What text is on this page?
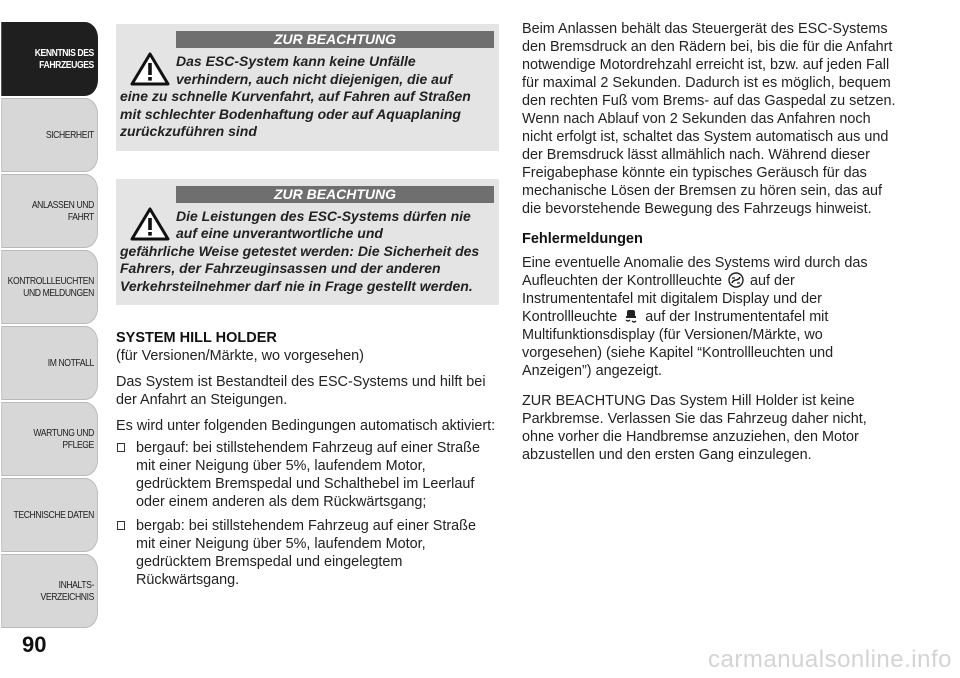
KENNTNIS DES
FAHRZEUGES
SICHERHEIT
ANLASSEN UND
FAHRT
KONTROLLLEUCHTEN
UND MELDUNGEN
IM NOTFALL
WARTUNG UND
PFLEGE
TECHNISCHE DATEN
INHALTS-
VERZEICHNIS
90
ZUR BEACHTUNG
Das ESC-System kann keine Unfälle verhindern, auch nicht diejenigen, die auf
eine zu schnelle Kurvenfahrt, auf Fahren auf Straßen mit schlechter Bodenhaftung oder auf Aquaplaning zurückzuführen sind
ZUR BEACHTUNG
Die Leistungen des ESC-Systems dürfen nie auf eine unverantwortliche und
gefährliche Weise getestet werden: Die Sicherheit des Fahrers, der Fahrzeuginsassen und der anderen Verkehrsteilnehmer darf nie in Frage gestellt werden.
SYSTEM HILL HOLDER

(für Versionen/Märkte, wo vorgesehen)

Das System ist Bestandteil des ESC-Systems und hilft bei der Anfahrt an Steigungen.

Es wird unter folgenden Bedingungen automatisch aktiviert:

bergauf: bei stillstehendem Fahrzeug auf einer Straße mit einer Neigung über 5%, laufendem Motor, gedrücktem Bremspedal und Schalthebel im Leerlauf oder einem anderen als dem Rückwärtsgang;
bergab: bei stillstehendem Fahrzeug auf einer Straße mit einer Neigung über 5%, laufendem Motor, gedrücktem Bremspedal und eingelegtem Rückwärtsgang.

Beim Anlassen behält das Steuergerät des ESC-Systems den Bremsdruck an den Rädern bei, bis die für die Anfahrt notwendige Motordrehzahl erreicht ist, bzw. auf jeden Fall für maximal 2 Sekunden. Dadurch ist es möglich, bequem den rechten Fuß vom Brems- auf das Gaspedal zu setzen. Wenn nach Ablauf von 2 Sekunden das Anfahren noch nicht erfolgt ist, schaltet das System automatisch aus und der Bremsdruck lässt allmählich nach. Während dieser Freigabephase könnte ein typisches Geräusch für das mechanische Lösen der Bremsen zu hören sein, das auf die bevorstehende Bewegung des Fahrzeugs hinweist.

Fehlermeldungen

Eine eventuelle Anomalie des Systems wird durch das Aufleuchten der Kontrollleuchte auf der Instrumententafel mit digitalem Display und der Kontrollleuchte auf der Instrumententafel mit Multifunktionsdisplay (für Versionen/Märkte, wo vorgesehen) (siehe Kapitel “Kontrollleuchten und Anzeigen”) angezeigt.

ZUR BEACHTUNG Das System Hill Holder ist keine Parkbremse. Verlassen Sie das Fahrzeug daher nicht, ohne vorher die Handbremse anzuziehen, den Motor abzustellen und den ersten Gang einzulegen.

carmanualsonline.info
